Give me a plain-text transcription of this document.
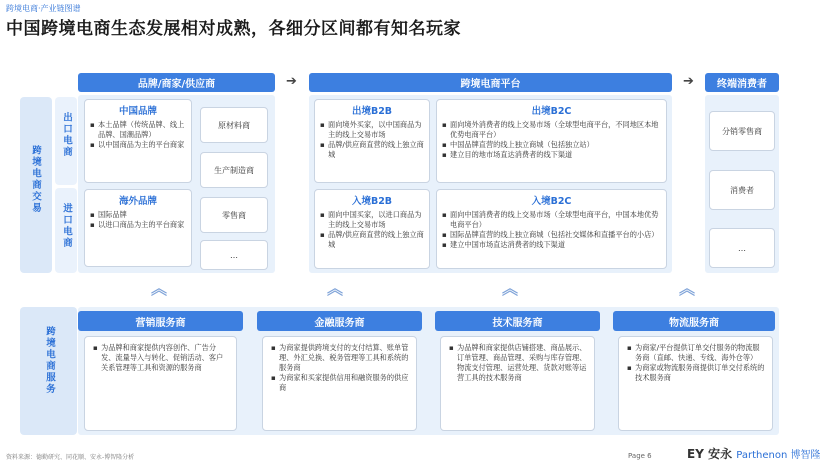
跨境电商·产业链图谱
中国跨境电商生态发展相对成熟，各细分区间都有知名玩家
品牌/商家/供应商	➔	跨境电商平台	➔	终端消费者
跨境电商交易
出口电商
进口电商
中国品牌
▪ 本土品牌（传统品牌、线上品牌、国潮品牌）
▪ 以中国商品为主的平台商家
海外品牌
▪ 国际品牌
▪ 以进口商品为主的平台商家
原材料商
生产制造商
零售商
…
出境B2B
▪ 面向境外买家，以中国商品为主的线上交易市场
▪ 品牌/供应商直营的线上独立商城
出境B2C
▪ 面向境外消费者的线上交易市场（全球型电商平台，不同地区本地优势电商平台）
▪ 中国品牌直营的线上独立商城（包括独立站）
▪ 建立目的地市场直达消费者的线下渠道
入境B2B
▪ 面向中国买家，以进口商品为主的线上交易市场
▪ 品牌/供应商直营的线上独立商城
入境B2C
▪ 面向中国消费者的线上交易市场（全球型电商平台，中国本地优势电商平台）
▪ 国际品牌直营的线上独立商城（包括社交媒体和直播平台的小店）
▪ 建立中国市场直达消费者的线下渠道
分销零售商
消费者
…
︽	︽	︽	︽
跨境电商服务
营销服务商
▪ 为品牌和商家提供内容创作、广告分发、流量导入与转化、促销活动、客户关系管理等工具和资源的服务商
金融服务商
▪ 为商家提供跨境支付的支付结算、账单管理、外汇兑换、税务管理等工具和系统的服务商
▪ 为商家和买家提供信用和融资服务的供应商
技术服务商
▪ 为品牌和商家提供店铺搭建、商品展示、订单管理、商品管理、采购与库存管理、物流支付管理、运营处理、货款对账等运营工具的技术服务商
物流服务商
▪ 为商家/平台提供订单交付服务的物流服务商（直邮、快递、专线、海外仓等）
▪ 为商家或物流服务商提供订单交付系统的技术服务商
资料来源：德勤研究、同花顺、安永-博智隆分析	Page 6	EY 安永 Parthenon 博智隆
